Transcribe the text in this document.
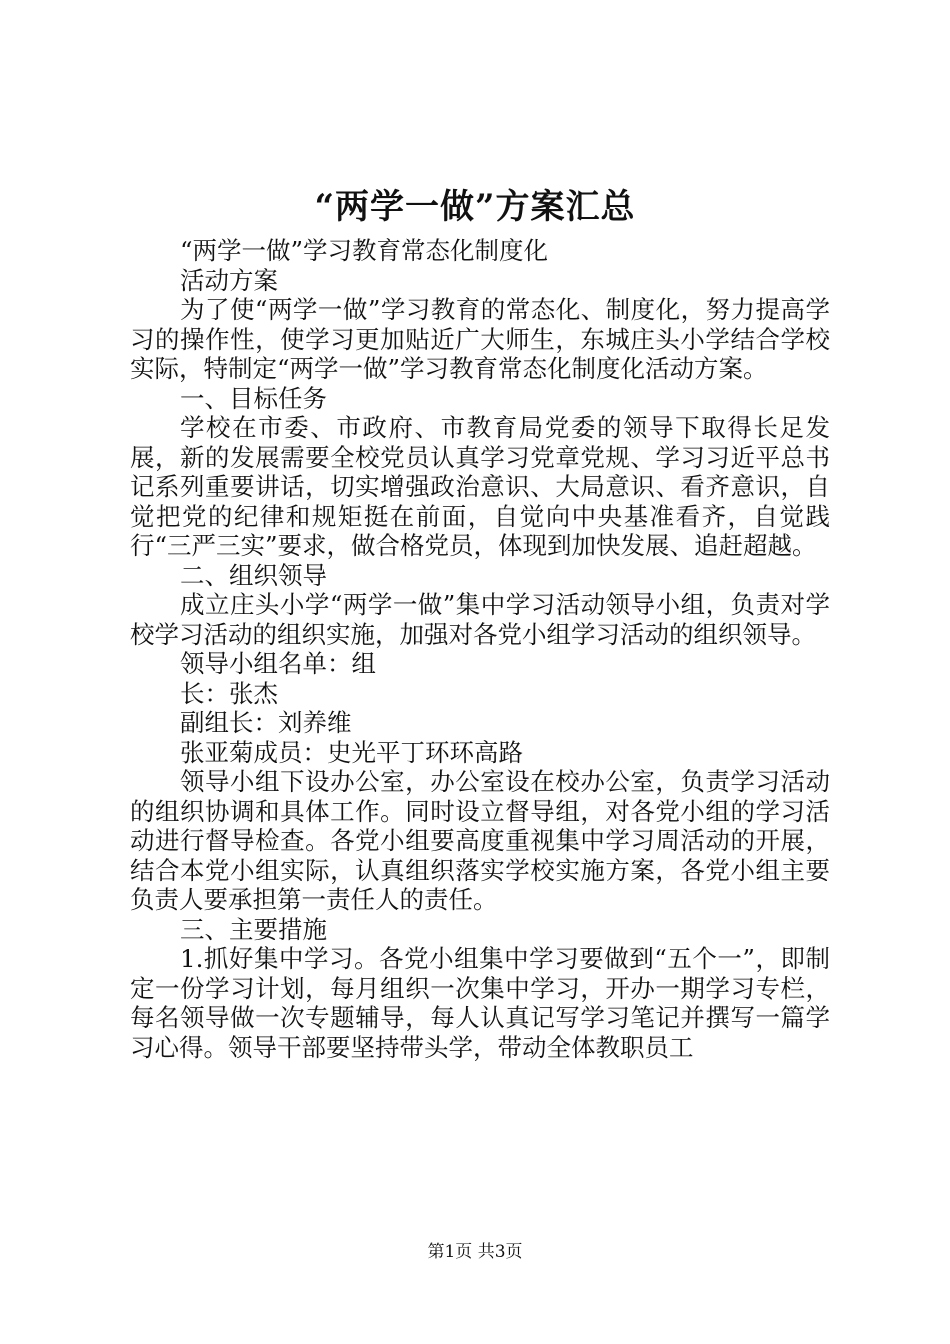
“两学一做”方案汇总

“两学一做”学习教育常态化制度化

活动方案

为了使“两学一做”学习教育的常态化、制度化，努力提高学习的操作性，使学习更加贴近广大师生，东城庄头小学结合学校实际，特制定“两学一做”学习教育常态化制度化活动方案。

一、目标任务

学校在市委、市政府、市教育局党委的领导下取得长足发展，新的发展需要全校党员认真学习党章党规、学习习近平总书记系列重要讲话，切实增强政治意识、大局意识、看齐意识，自觉把党的纪律和规矩挺在前面，自觉向中央基准看齐，自觉践行“三严三实”要求，做合格党员，体现到加快发展、追赶超越。

二、组织领导

成立庄头小学“两学一做”集中学习活动领导小组，负责对学校学习活动的组织实施，加强对各党小组学习活动的组织领导。

领导小组名单：组

长：张杰

副组长：刘养维

张亚菊成员：史光平丁环环高路

领导小组下设办公室，办公室设在校办公室，负责学习活动的组织协调和具体工作。同时设立督导组，对各党小组的学习活动进行督导检查。各党小组要高度重视集中学习周活动的开展，结合本党小组实际，认真组织落实学校实施方案，各党小组主要负责人要承担第一责任人的责任。

三、主要措施

1.抓好集中学习。各党小组集中学习要做到“五个一”，即制定一份学习计划，每月组织一次集中学习，开办一期学习专栏，每名领导做一次专题辅导，每人认真记写学习笔记并撰写一篇学习心得。领导干部要坚持带头学，带动全体教职员工

第1页 共3页
